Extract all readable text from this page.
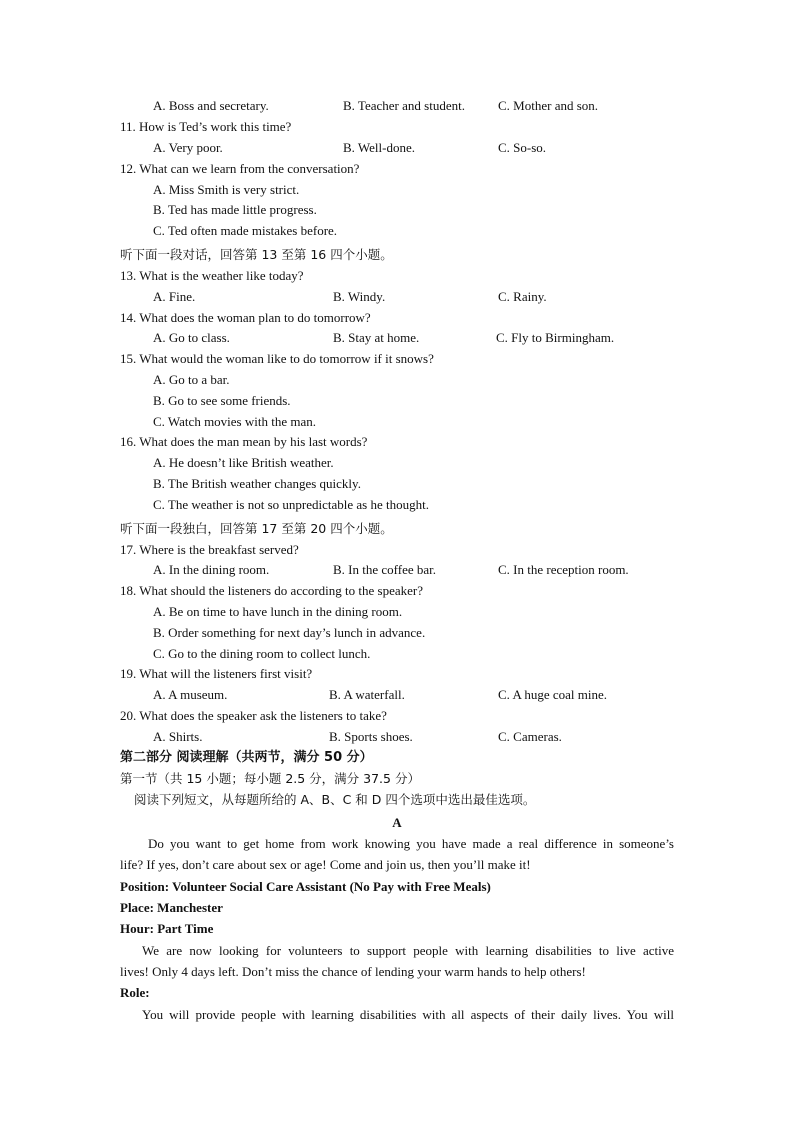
A. Boss and secretary.	B. Teacher and student.	C. Mother and son.
11. How is Ted’s work this time?
A. Very poor.	B. Well-done.	C. So-so.
12. What can we learn from the conversation?
A. Miss Smith is very strict.
B. Ted has made little progress.
C. Ted often made mistakes before.
听下面一段对话，回答第 13 至第 16 四个小题。
13. What is the weather like today?
A. Fine.	B. Windy.	C. Rainy.
14. What does the woman plan to do tomorrow?
A. Go to class.	B. Stay at home.	C. Fly to Birmingham.
15. What would the woman like to do tomorrow if it snows?
A. Go to a bar.
B. Go to see some friends.
C. Watch movies with the man.
16. What does the man mean by his last words?
A. He doesn’t like British weather.
B. The British weather changes quickly.
C. The weather is not so unpredictable as he thought.
听下面一段独白，回答第 17 至第 20 四个小题。
17. Where is the breakfast served?
A. In the dining room.	B. In the coffee bar.	C. In the reception room.
18. What should the listeners do according to the speaker?
A. Be on time to have lunch in the dining room.
B. Order something for next day’s lunch in advance.
C. Go to the dining room to collect lunch.
19. What will the listeners first visit?
A. A museum.	B. A waterfall.	C. A huge coal mine.
20. What does the speaker ask the listeners to take?
A. Shirts.	B. Sports shoes.	C. Cameras.
第二部分 阅读理解（共两节，满分 50 分）
第一节（共 15 小题；每小题 2.5 分，满分 37.5 分）
阅读下列短文，从每题所给的 A、B、C 和 D 四个选项中选出最佳选项。
A
Do you want to get home from work knowing you have made a real difference in someone’s
life? If yes, don’t care about sex or age! Come and join us, then you’ll make it!
Position: Volunteer Social Care Assistant (No Pay with Free Meals)
Place: Manchester
Hour: Part Time
We are now looking for volunteers to support people with learning disabilities to live active
lives! Only 4 days left. Don’t miss the chance of lending your warm hands to help others!
Role:
You will provide people with learning disabilities with all aspects of their daily lives. You will
